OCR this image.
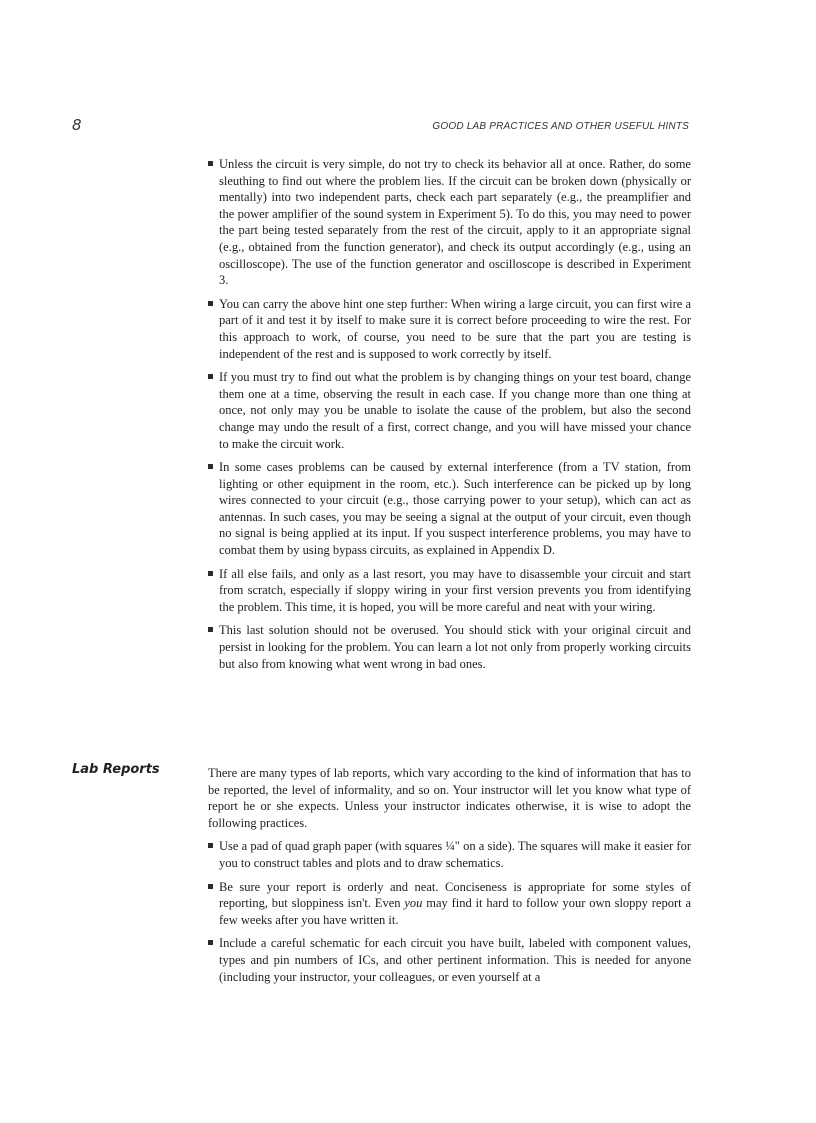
8	GOOD LAB PRACTICES AND OTHER USEFUL HINTS
Unless the circuit is very simple, do not try to check its behavior all at once. Rather, do some sleuthing to find out where the problem lies. If the circuit can be broken down (physically or mentally) into two independent parts, check each part separately (e.g., the preamplifier and the power amplifier of the sound system in Experiment 5). To do this, you may need to power the part being tested separately from the rest of the circuit, apply to it an appropriate signal (e.g., obtained from the function generator), and check its output accordingly (e.g., using an oscilloscope). The use of the function generator and oscilloscope is described in Experiment 3.
You can carry the above hint one step further: When wiring a large circuit, you can first wire a part of it and test it by itself to make sure it is correct before proceeding to wire the rest. For this approach to work, of course, you need to be sure that the part you are testing is independent of the rest and is supposed to work correctly by itself.
If you must try to find out what the problem is by changing things on your test board, change them one at a time, observing the result in each case. If you change more than one thing at once, not only may you be unable to isolate the cause of the problem, but also the second change may undo the result of a first, correct change, and you will have missed your chance to make the circuit work.
In some cases problems can be caused by external interference (from a TV station, from lighting or other equipment in the room, etc.). Such interference can be picked up by long wires connected to your circuit (e.g., those carrying power to your setup), which can act as antennas. In such cases, you may be seeing a signal at the output of your circuit, even though no signal is being applied at its input. If you suspect interference problems, you may have to combat them by using bypass circuits, as explained in Appendix D.
If all else fails, and only as a last resort, you may have to disassemble your circuit and start from scratch, especially if sloppy wiring in your first version prevents you from identifying the problem. This time, it is hoped, you will be more careful and neat with your wiring.
This last solution should not be overused. You should stick with your original circuit and persist in looking for the problem. You can learn a lot not only from properly working circuits but also from knowing what went wrong in bad ones.
Lab Reports	There are many types of lab reports, which vary according to the kind of information that has to be reported, the level of informality, and so on. Your instructor will let you know what type of report he or she expects. Unless your instructor indicates otherwise, it is wise to adopt the following practices.

Use a pad of quad graph paper (with squares ¼" on a side). The squares will make it easier for you to construct tables and plots and to draw schematics.
Be sure your report is orderly and neat. Conciseness is appropriate for some styles of reporting, but sloppiness isn't. Even you may find it hard to follow your own sloppy report a few weeks after you have written it.
Include a careful schematic for each circuit you have built, labeled with component values, types and pin numbers of ICs, and other pertinent information. This is needed for anyone (including your instructor, your colleagues, or even yourself at a
